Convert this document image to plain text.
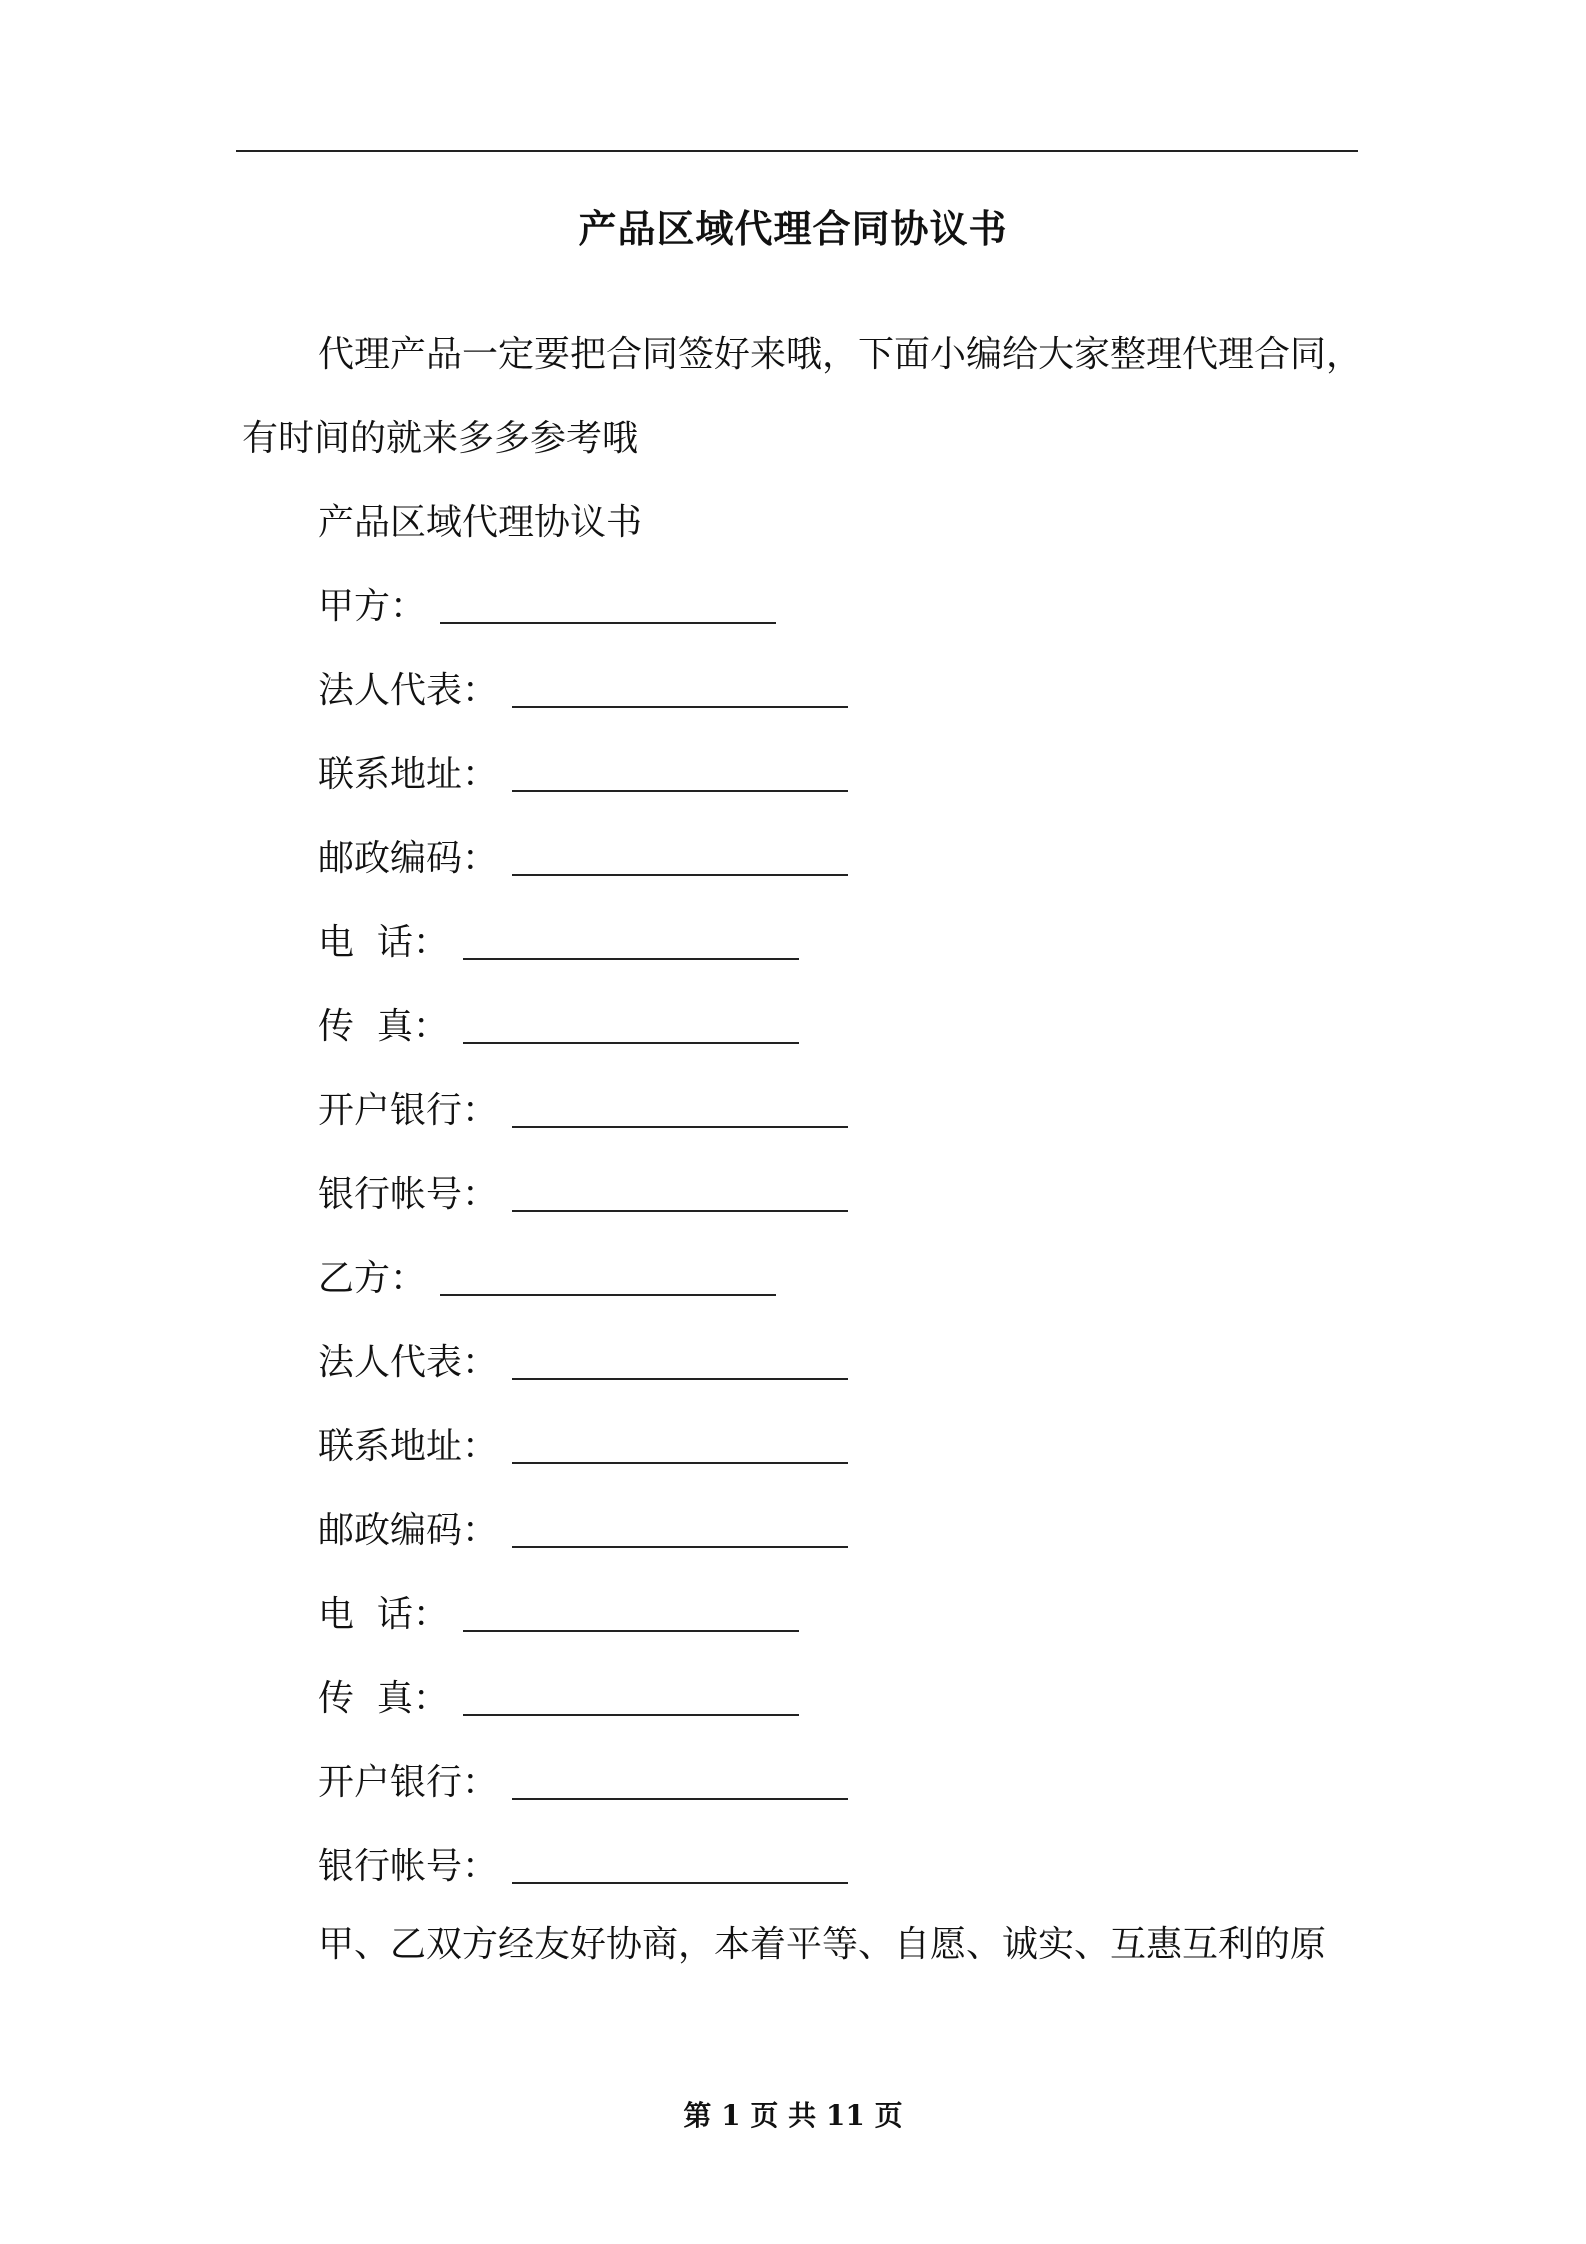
产品区域代理合同协议书
代理产品一定要把合同签好来哦，下面小编给大家整理代理合同，
有时间的就来多多参考哦
产品区域代理协议书
甲方：
法人代表：
联系地址：
邮政编码：
电  话：
传  真：
开户银行：
银行帐号：
乙方：
法人代表：
联系地址：
邮政编码：
电  话：
传  真：
开户银行：
银行帐号：
甲、乙双方经友好协商，本着平等、自愿、诚实、互惠互利的原
第 1 页 共 11 页
